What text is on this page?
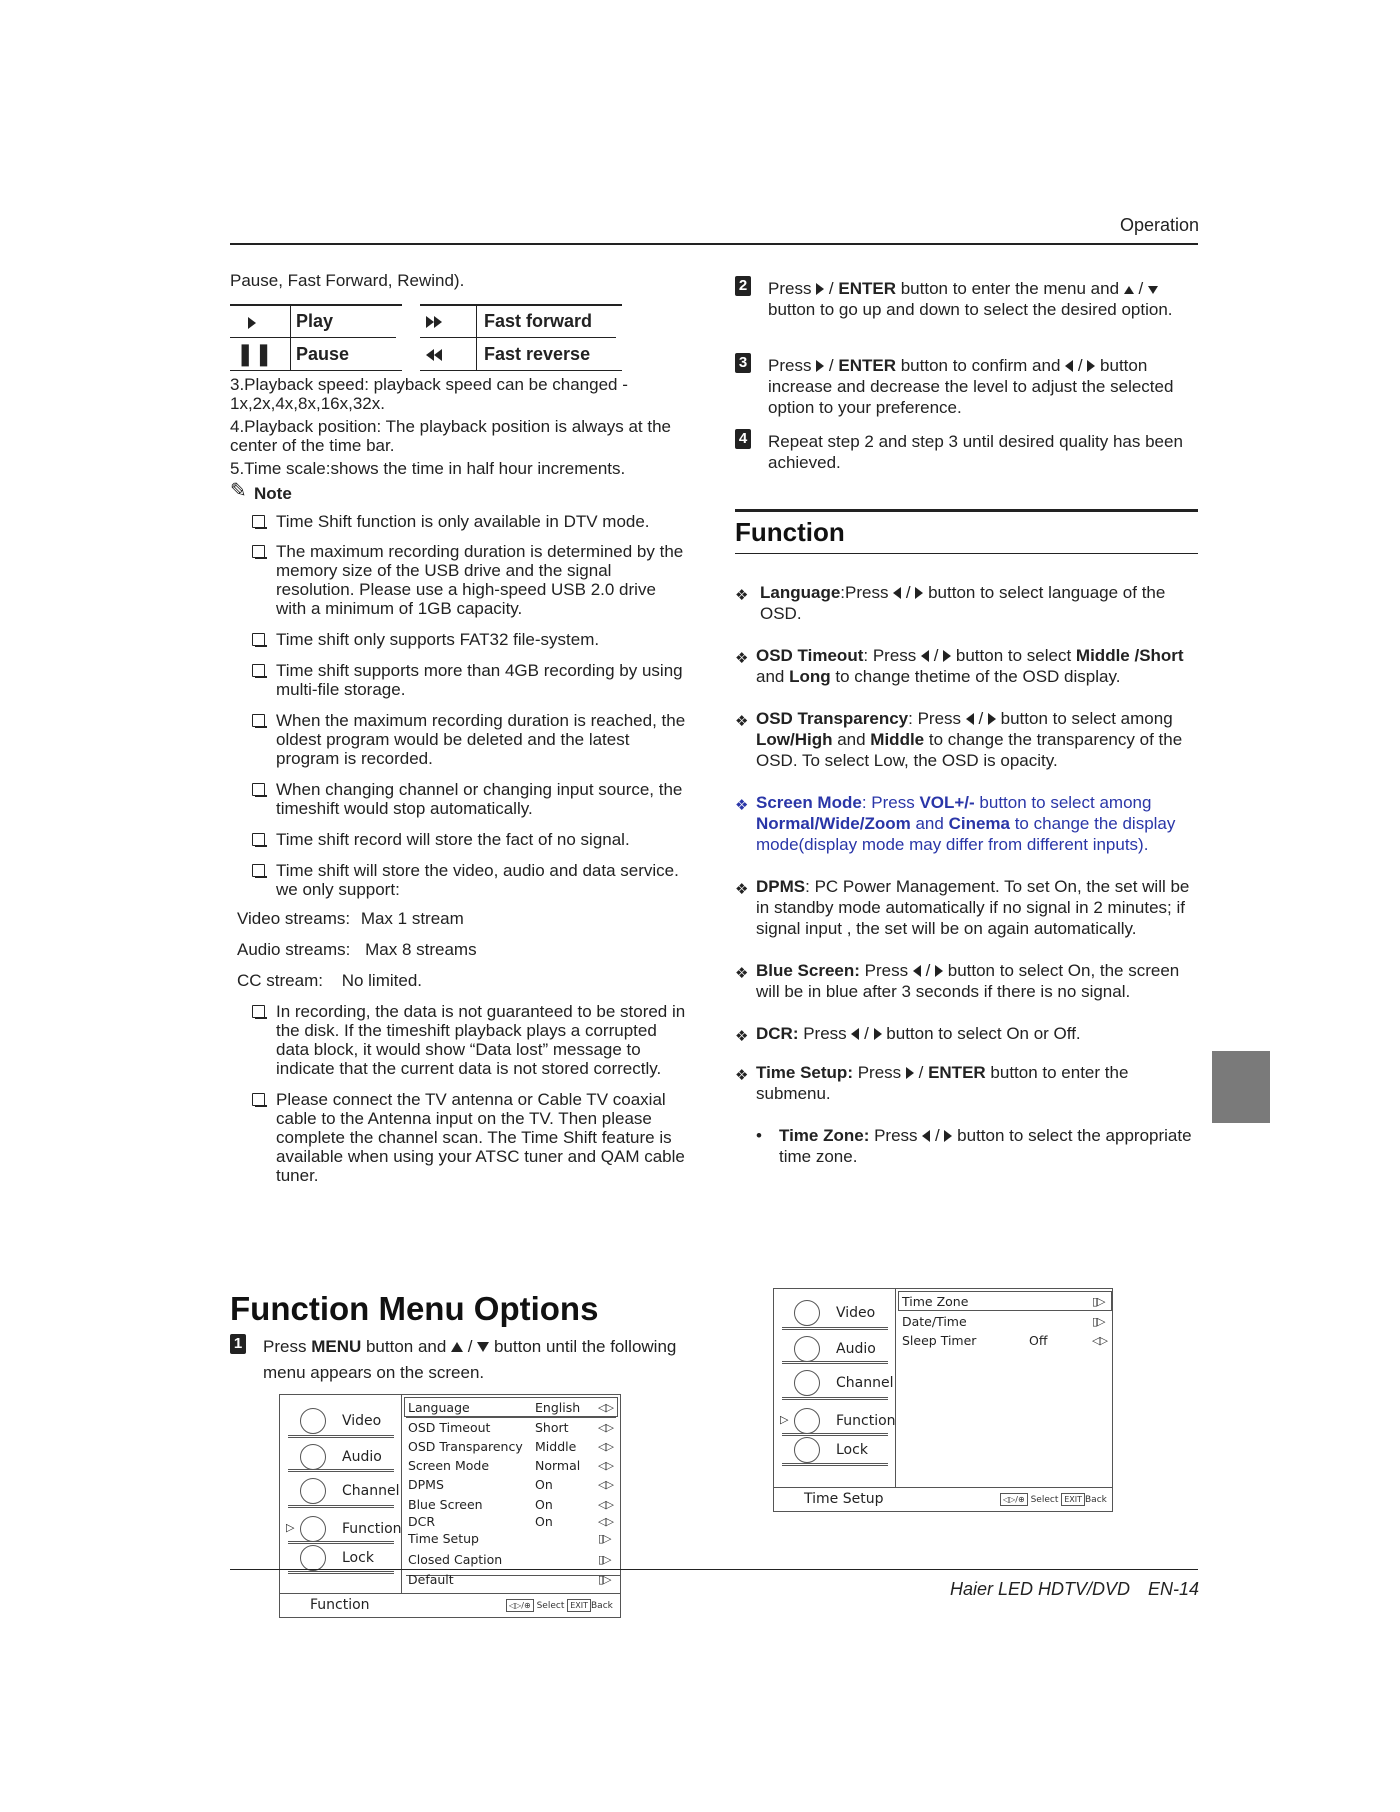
Operation

Pause, Fast Forward, Rewind).

Play	Fast forward
❚❚ Pause	Fast reverse

3.Playback speed: playback speed can be changed - 1x,2x,4x,8x,16x,32x.

4.Playback position: The playback position is always at the center of the time bar.

5.Time scale:shows the time in half hour increments.

✎ Note
Time Shift function is only available in DTV mode.
The maximum recording duration is determined by the memory size of the USB drive and the signal resolution. Please use a high-speed USB 2.0 drive with a minimum of 1GB capacity.
Time shift only supports FAT32 file-system.
Time shift supports more than 4GB recording by using multi-file storage.
When the maximum recording duration is reached, the oldest program would be deleted and the latest program is recorded.
When changing channel or changing input source, the timeshift would stop automatically.
Time shift record will store the fact of no signal.
Time shift will store the video, audio and data service. we only support:
Video streams: Max 1 stream
Audio streams: Max 8 streams
CC stream: No limited.
In recording, the data is not guaranteed to be stored in the disk. If the timeshift playback plays a corrupted data block, it would show “Data lost” message to indicate that the current data is not stored correctly.
Please connect the TV antenna or Cable TV coaxial cable to the Antenna input on the TV. Then please complete the channel scan. The Time Shift feature is available when using your ATSC tuner and QAM cable tuner.
Function Menu Options
1 Press MENU button and  /  button until the following menu appears on the screen.
Video
Audio
Channel
▷	Function
Lock
Language	English ◁▷
OSD Timeout	Short	◁▷
OSD Transparency Middle ◁▷
Screen Mode	Normal ◁▷
DPMS	On	◁▷
Blue Screen	On	◁▷
DCR	On	◁▷
Time Setup	▯▷
Closed Caption	▯▷
Default	▯▷
Function	◁▷/⊕ Select EXIT Back
2 Press  / ENTER button to enter the menu and  /  button to go up and down to select the desired option.
3 Press  / ENTER button to confirm and  /  button increase and decrease the level to adjust the selected option to your preference.
4 Repeat step 2 and step 3 until desired quality has been achieved.
Function
❖ Language:Press  /  button to select language of the OSD.
❖ OSD Timeout: Press  /  button to select Middle /Short and Long to change thetime of the OSD display.
❖ OSD Transparency: Press  /  button to select among Low/High and Middle to change the transparency of the OSD. To select Low, the OSD is opacity.
❖ Screen Mode: Press VOL+/- button to select among Normal/Wide/Zoom and Cinema to change the display mode(display mode may differ from different inputs).
❖ DPMS: PC Power Management. To set On, the set will be in standby mode automatically if no signal in 2 minutes; if signal input , the set will be on again automatically.
❖ Blue Screen: Press  /  button to select On, the screen will be in blue after 3 seconds if there is no signal.
❖ DCR: Press  /  button to select On or Off.
❖ Time Setup: Press  / ENTER button to enter the submenu.
• Time Zone: Press  /  button to select the appropriate time zone.
Video
Audio
Channel
▷	Function
Lock
Time Zone	▯▷
Date/Time	▯▷
Sleep Timer	Off	◁▷
Time Setup	◁▷/⊕ Select EXIT Back
Haier LED HDTV/DVD EN-14
